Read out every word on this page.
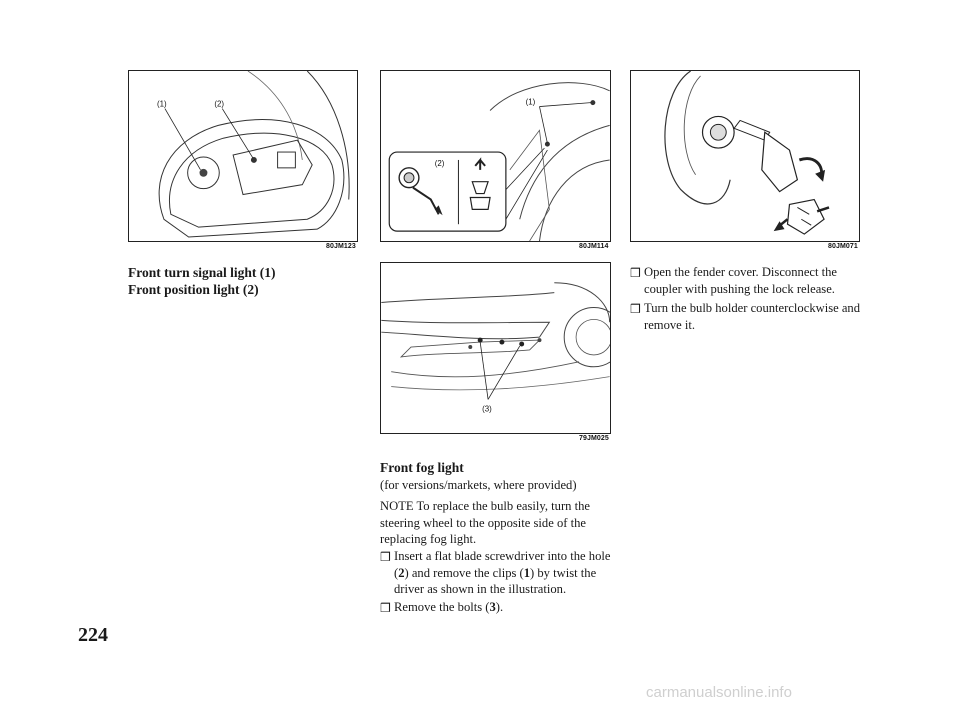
(1)	(2)
80JM123
(1)
(2)
80JM114	80JM071
(3)
79JM025
Front turn signal light (1)
Front position light (2)
Front fog light
(for versions/markets, where provided)
NOTE To replace the bulb easily, turn the steering wheel to the opposite side of the replacing fog light.
❒ Insert a flat blade screwdriver into the hole (2) and remove the clips (1) by twist the driver as shown in the illustration.
❒ Remove the bolts (3).
❒ Open the fender cover. Disconnect the coupler with pushing the lock release.
❒ Turn the bulb holder counterclockwise and remove it.
224
carmanualsonline.info
